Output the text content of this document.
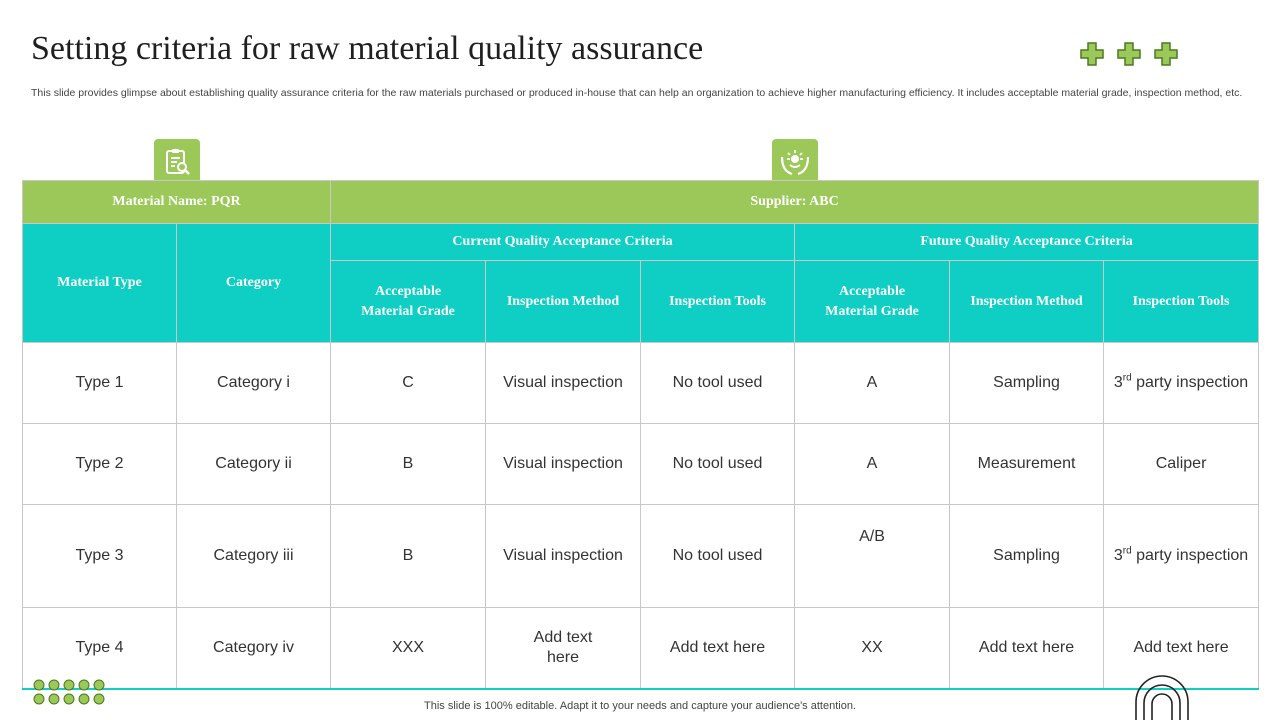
Setting criteria for raw material quality assurance
This slide provides glimpse about establishing quality assurance criteria for the raw materials purchased or produced in-house that can help an organization to achieve higher manufacturing efficiency. It includes acceptable material grade, inspection method, etc.
Material Name: PQR		Supplier: ABC					
Material Type	Category	Current Quality Acceptance Criteria			Future Quality Acceptance Criteria		
		Acceptable Material Grade	Inspection Method	Inspection Tools	Acceptable Material Grade	Inspection Method	Inspection Tools
Type 1	Category i	C	Visual inspection	No tool used	A	Sampling	3rd party inspection
Type 2	Category ii	B	Visual inspection	No tool used	A	Measurement	Caliper
Type 3	Category iii	B	Visual inspection	No tool used	A/B	Sampling	3rd party inspection
Type 4	Category iv	XXX	Add text here	Add text here	XX	Add text here	Add text here
This slide is 100% editable. Adapt it to your needs and capture your audience's attention.
